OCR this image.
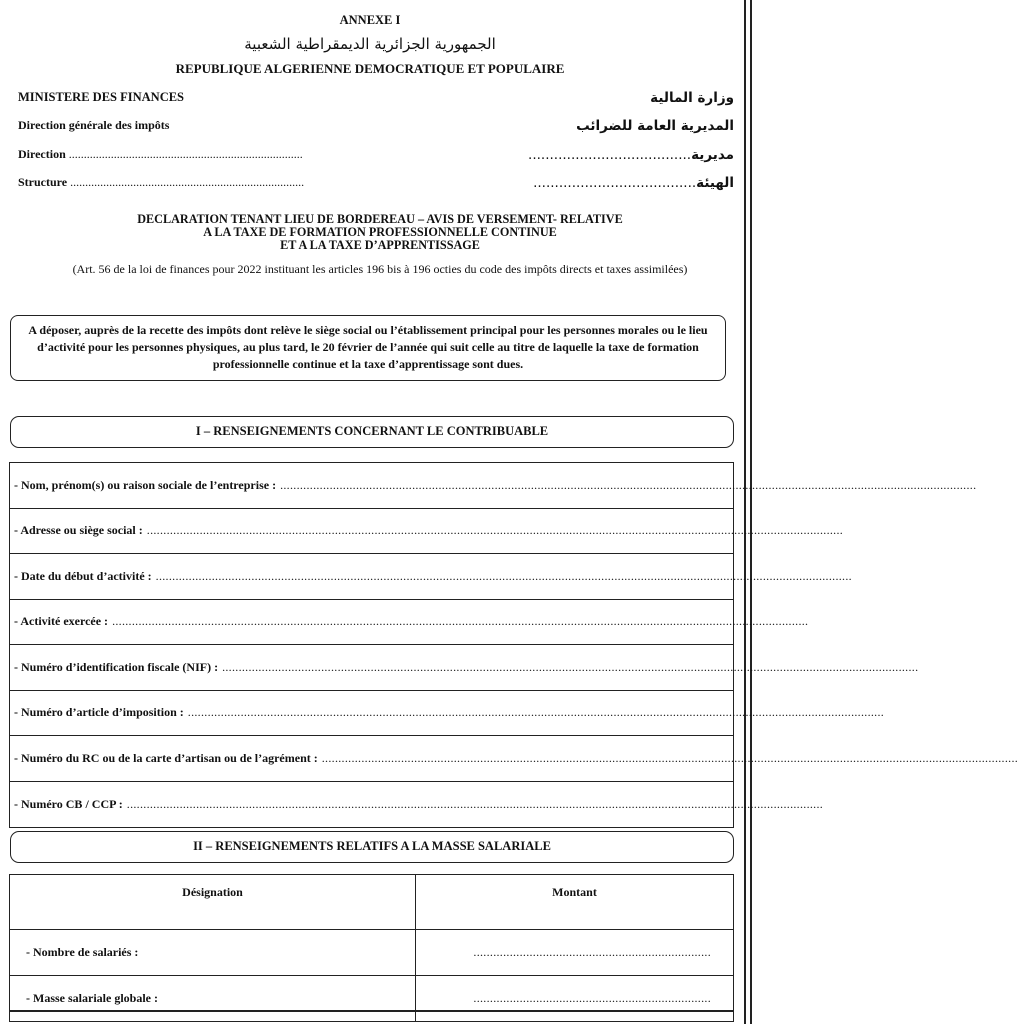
ANNEXE I
الجمهورية الجزائرية الديمقراطية الشعبية
REPUBLIQUE ALGERIENNE DEMOCRATIQUE ET POPULAIRE
MINISTERE DES FINANCES	وزارة المالية
Direction générale des impôts	المديرية العامة للضرائب
Direction ..............................................................................	مديرية......................................
Structure ..............................................................................	الهيئة......................................
DECLARATION TENANT LIEU DE BORDEREAU – AVIS DE VERSEMENT- RELATIVE
A LA TAXE DE FORMATION PROFESSIONNELLE CONTINUE
ET A LA TAXE D’APPRENTISSAGE
(Art. 56 de la loi de finances pour 2022 instituant les articles 196 bis à 196 octies du code des impôts directs et taxes assimilées)
A déposer, auprès de la recette des impôts dont relève le siège social ou l’établissement principal pour les personnes morales ou le lieu d’activité pour les personnes physiques, au plus tard, le 20 février de l’année qui suit celle au titre de laquelle la taxe de formation professionnelle continue et la taxe d’apprentissage sont dues.
I – RENSEIGNEMENTS CONCERNANT LE CONTRIBUABLE
- Nom, prénom(s) ou raison sociale de l’entreprise : ...................................................................................................................................................................................................................
- Adresse ou siège social : ...................................................................................................................................................................................................................
- Date du début d’activité : ...................................................................................................................................................................................................................
- Activité exercée : ...................................................................................................................................................................................................................
- Numéro d’identification fiscale (NIF) : ...................................................................................................................................................................................................................
- Numéro d’article d’imposition : ...................................................................................................................................................................................................................
- Numéro du RC ou de la carte d’artisan ou de l’agrément : ...................................................................................................................................................................................................................
- Numéro CB / CCP : ...................................................................................................................................................................................................................
II – RENSEIGNEMENTS RELATIFS A LA MASSE SALARIALE
Désignation	Montant
- Nombre de salariés :	........................................................................
- Masse salariale globale :	........................................................................
